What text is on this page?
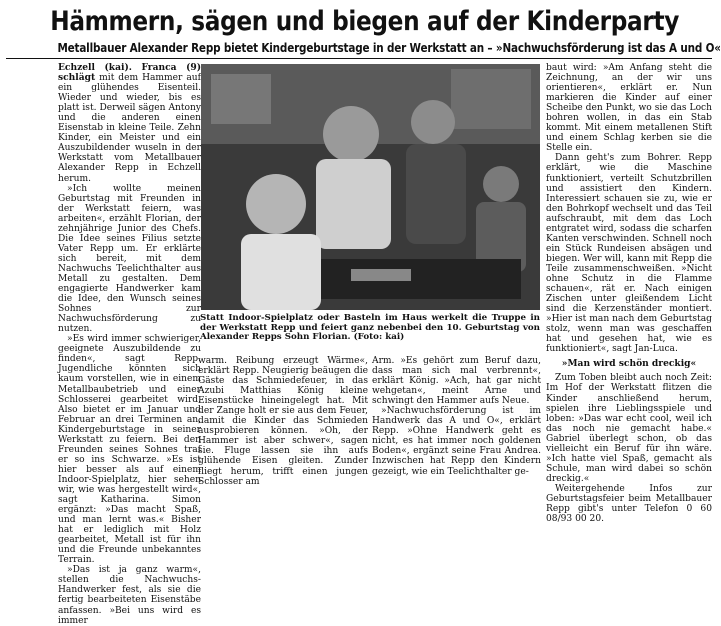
Hämmern, sägen und biegen auf der Kinderparty
Metallbauer Alexander Repp bietet Kindergeburtstage in der Werkstatt an – »Nachwuchsförderung ist das A und O«

Echzell (kai). Franca (9) schlägt mit dem Hammer auf ein glühendes Eisenteil. Wieder und wieder, bis es platt ist. Derweil sägen Antony und die anderen einen Eisenstab in kleine Teile. Zehn Kinder, ein Meister und ein Auszubildender wuseln in der Werkstatt vom Metallbauer Alexander Repp in Echzell herum.

»Ich wollte meinen Geburtstag mit Freunden in der Werkstatt feiern, was arbeiten«, erzählt Florian, der zehnjährige Junior des Chefs. Die Idee seines Filius setzte Vater Repp um. Er erklärte sich bereit, mit dem Nachwuchs Teelichthalter aus Metall zu gestalten. Dem engagierte Handwerker kam die Idee, den Wunsch seines Sohnes zur Nachwuchsförderung zu nutzen.

»Es wird immer schwieriger, geeignete Auszubildende zu finden«, sagt Repp. Jugendliche könnten sich kaum vorstellen, wie in einem Metallbaubetrieb und einer Schlosserei gearbeitet wird. Also bietet er im Januar und Februar an drei Terminen an, Kindergeburtstage in seiner Werkstatt zu feiern. Bei den Freunden seines Sohnes traf er so ins Schwarze. »Es ist hier besser als auf einem Indoor-Spielplatz, hier sehen wir, wie was hergestellt wird«, sagt Katharina. Simon ergänzt: »Das macht Spaß, und man lernt was.« Bisher hat er lediglich mit Holz gearbeitet, Metall ist für ihn und die Freunde unbekanntes Terrain.

»Das ist ja ganz warm«, stellen die Nachwuchs-Handwerker fest, als sie die fertig bearbeiteten Eisenstäbe anfassen. »Bei uns wird es immer

Statt Indoor-Spielplatz oder Basteln im Haus werkelt die Truppe in der Werkstatt Repp und feiert ganz nebenbei den 10. Geburtstag von Alexander Repps Sohn Florian. (Foto: kai)

warm. Reibung erzeugt Wärme«, erklärt Repp. Neugierig beäugen die Gäste das Schmiedefeuer, in das Azubi Matthias König kleine Eisenstücke hineingelegt hat. Mit der Zange holt er sie aus dem Feuer, damit die Kinder das Schmieden ausprobieren können. »Oh, der Hammer ist aber schwer«, sagen sie. Fluge lassen sie ihn aufs glühende Eisen gleiten. Zunder fliegt herum, trifft einen jungen Schlosser am

Arm. »Es gehört zum Beruf dazu, dass man sich mal verbrennt«, erklärt König. »Ach, hat gar nicht wehgetan«, meint Arne und schwingt den Hammer aufs Neue.

»Nachwuchsförderung ist im Handwerk das A und O«, erklärt Repp. »Ohne Handwerk geht es nicht, es hat immer noch goldenen Boden«, ergänzt seine Frau Andrea. Inzwischen hat Repp den Kindern gezeigt, wie ein Teelichthalter ge-

baut wird: »Am Anfang steht die Zeichnung, an der wir uns orientieren«, erklärt er. Nun markieren die Kinder auf einer Scheibe den Punkt, wo sie das Loch bohren wollen, in das ein Stab kommt. Mit einem metallenen Stift und einem Schlag kerben sie die Stelle ein.

Dann geht's zum Bohrer. Repp erklärt, wie die Maschine funktioniert, verteilt Schutzbrillen und assistiert den Kindern. Interessiert schauen sie zu, wie er den Bohrkopf wechselt und das Teil aufschraubt, mit dem das Loch entgratet wird, sodass die scharfen Kanten verschwinden. Schnell noch ein Stück Rundeisen absägen und biegen. Wer will, kann mit Repp die Teile zusammenschweißen. »Nicht ohne Schutz in die Flamme schauen«, rät er. Nach einigen Zischen unter gleißendem Licht sind die Kerzenständer montiert. »Hier ist man nach dem Geburtstag stolz, wenn man was geschaffen hat und gesehen hat, wie es funktioniert«, sagt Jan-Luca.

»Man wird schön dreckig«

Zum Toben bleibt auch noch Zeit: Im Hof der Werkstatt flitzen die Kinder anschließend herum, spielen ihre Lieblingsspiele und loben: »Das war echt cool, weil ich das noch nie gemacht habe.« Gabriel überlegt schon, ob das vielleicht ein Beruf für ihn wäre. »Ich hatte viel Spaß, gemacht als Schule, man wird dabei so schön dreckig.«

Weitergehende Infos zur Geburtstagsfeier beim Metallbauer Repp gibt's unter Telefon 0 60 08/93 00 20.
